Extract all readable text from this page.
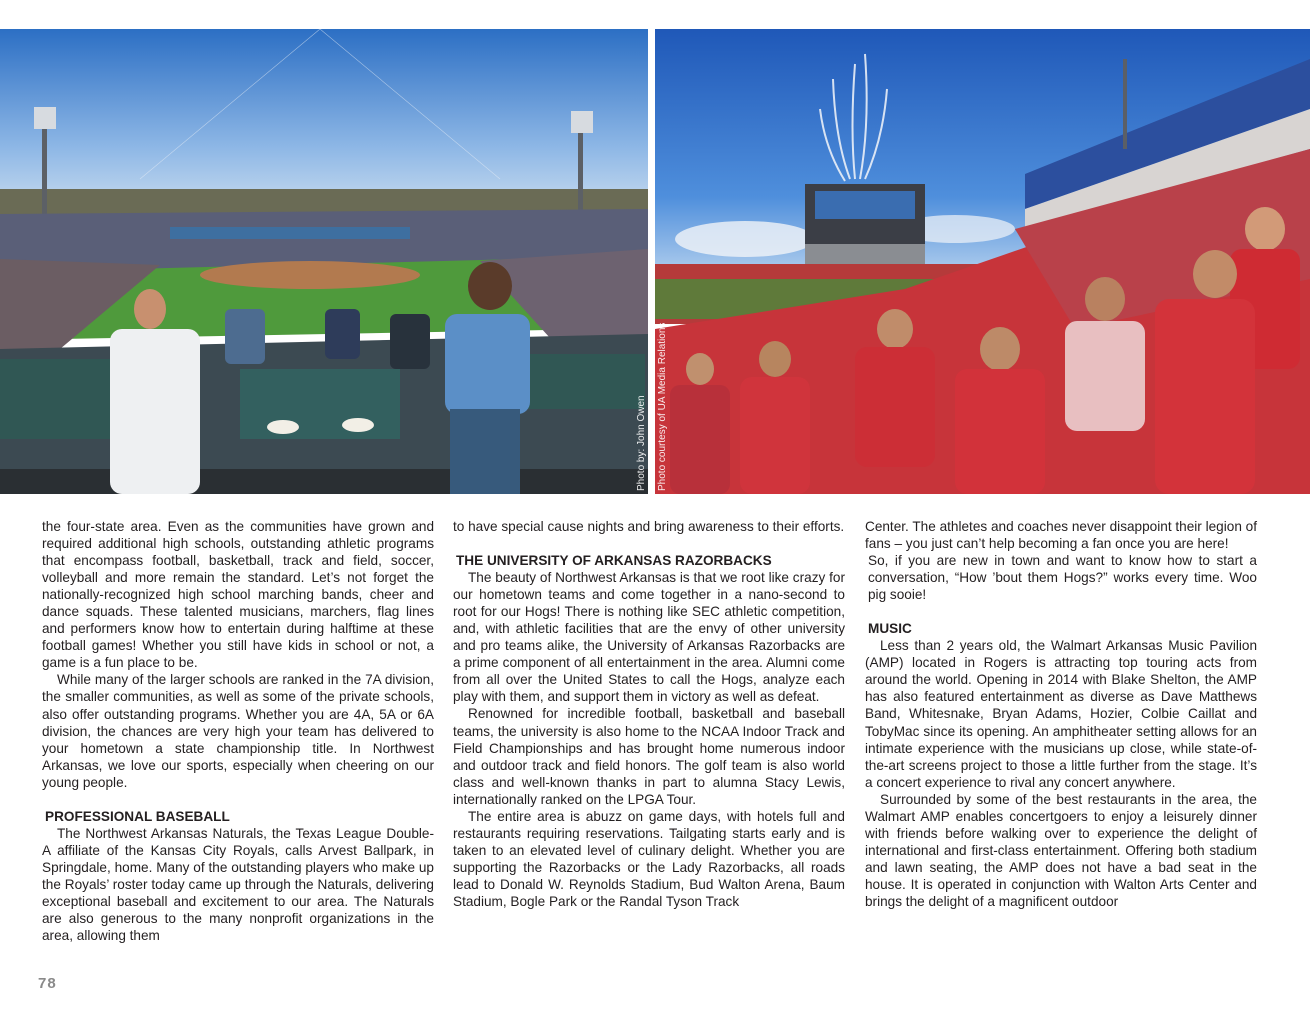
Photo by: John Owen Photo courtesy of UA Media Relations

the four-state area. Even as the communities have grown and required additional high schools, outstanding athletic programs that encompass football, basketball, track and field, soccer, volleyball and more remain the standard. Let’s not forget the nationally-recognized high school marching bands, cheer and dance squads. These talented musicians, marchers, flag lines and performers know how to entertain during halftime at these football games! Whether you still have kids in school or not, a game is a fun place to be.

While many of the larger schools are ranked in the 7A division, the smaller communities, as well as some of the private schools, also offer outstanding programs. Whether you are 4A, 5A or 6A division, the chances are very high your team has delivered to your hometown a state championship title. In Northwest Arkansas, we love our sports, especially when cheering on our young people.

PROFESSIONAL BASEBALL

The Northwest Arkansas Naturals, the Texas League Double-A affiliate of the Kansas City Royals, calls Arvest Ballpark, in Springdale, home. Many of the outstanding players who make up the Royals’ roster today came up through the Naturals, delivering exceptional baseball and excitement to our area. The Naturals are also generous to the many nonprofit organizations in the area, allowing them

to have special cause nights and bring awareness to their efforts.

THE UNIVERSITY OF ARKANSAS RAZORBACKS

The beauty of Northwest Arkansas is that we root like crazy for our hometown teams and come together in a nano-second to root for our Hogs! There is nothing like SEC athletic competition, and, with athletic facilities that are the envy of other university and pro teams alike, the University of Arkansas Razorbacks are a prime component of all entertainment in the area. Alumni come from all over the United States to call the Hogs, analyze each play with them, and support them in victory as well as defeat.

Renowned for incredible football, basketball and baseball teams, the university is also home to the NCAA Indoor Track and Field Championships and has brought home numerous indoor and outdoor track and field honors. The golf team is also world class and well-known thanks in part to alumna Stacy Lewis, internationally ranked on the LPGA Tour.

The entire area is abuzz on game days, with hotels full and restaurants requiring reservations. Tailgating starts early and is taken to an elevated level of culinary delight. Whether you are supporting the Razorbacks or the Lady Razorbacks, all roads lead to Donald W. Reynolds Stadium, Bud Walton Arena, Baum Stadium, Bogle Park or the Randal Tyson Track

Center. The athletes and coaches never disappoint their legion of fans – you just can’t help becoming a fan once you are here!

So, if you are new in town and want to know how to start a conversation, “How ’bout them Hogs?” works every time. Woo pig sooie!

MUSIC

Less than 2 years old, the Walmart Arkansas Music Pavilion (AMP) located in Rogers is attracting top touring acts from around the world. Opening in 2014 with Blake Shelton, the AMP has also featured entertainment as diverse as Dave Matthews Band, Whitesnake, Bryan Adams, Hozier, Colbie Caillat and TobyMac since its opening. An amphitheater setting allows for an intimate experience with the musicians up close, while state-of-the-art screens project to those a little further from the stage. It’s a concert experience to rival any concert anywhere.

Surrounded by some of the best restaurants in the area, the Walmart AMP enables concertgoers to enjoy a leisurely dinner with friends before walking over to experience the delight of international and first-class entertainment. Offering both stadium and lawn seating, the AMP does not have a bad seat in the house. It is operated in conjunction with Walton Arts Center and brings the delight of a magnificent outdoor

78
